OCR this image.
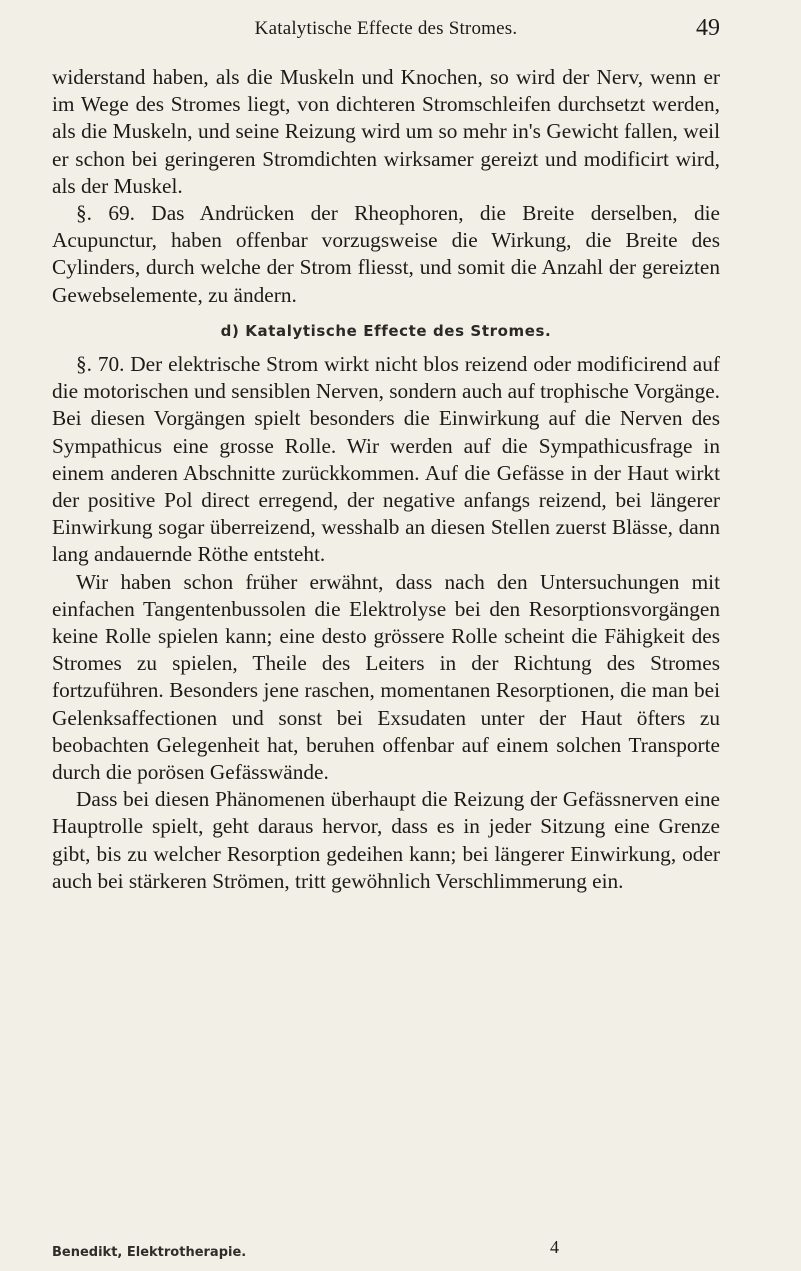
Katalytische Effecte des Stromes.	49

widerstand haben, als die Muskeln und Knochen, so wird der Nerv, wenn er im Wege des Stromes liegt, von dichteren Stromschleifen durchsetzt werden, als die Muskeln, und seine Reizung wird um so mehr in's Gewicht fallen, weil er schon bei geringeren Stromdichten wirksamer gereizt und modificirt wird, als der Muskel.

§. 69. Das Andrücken der Rheophoren, die Breite derselben, die Acupunctur, haben offenbar vorzugsweise die Wirkung, die Breite des Cylinders, durch welche der Strom fliesst, und somit die Anzahl der gereizten Gewebselemente, zu ändern.

d) Katalytische Effecte des Stromes.

§. 70. Der elektrische Strom wirkt nicht blos reizend oder modificirend auf die motorischen und sensiblen Nerven, sondern auch auf trophische Vorgänge. Bei diesen Vorgängen spielt besonders die Einwirkung auf die Nerven des Sympathicus eine grosse Rolle. Wir werden auf die Sympathicusfrage in einem anderen Abschnitte zurückkommen. Auf die Gefässe in der Haut wirkt der positive Pol direct erregend, der negative anfangs reizend, bei längerer Einwirkung sogar überreizend, wesshalb an diesen Stellen zuerst Blässe, dann lang andauernde Röthe entsteht.

Wir haben schon früher erwähnt, dass nach den Untersuchungen mit einfachen Tangentenbussolen die Elektrolyse bei den Resorptionsvorgängen keine Rolle spielen kann; eine desto grössere Rolle scheint die Fähigkeit des Stromes zu spielen, Theile des Leiters in der Richtung des Stromes fortzuführen. Besonders jene raschen, momentanen Resorptionen, die man bei Gelenksaffectionen und sonst bei Exsudaten unter der Haut öfters zu beobachten Gelegenheit hat, beruhen offenbar auf einem solchen Transporte durch die porösen Gefässwände.

Dass bei diesen Phänomenen überhaupt die Reizung der Gefässnerven eine Hauptrolle spielt, geht daraus hervor, dass es in jeder Sitzung eine Grenze gibt, bis zu welcher Resorption gedeihen kann; bei längerer Einwirkung, oder auch bei stärkeren Strömen, tritt gewöhnlich Verschlimmerung ein.

Benedikt, Elektrotherapie.	4
